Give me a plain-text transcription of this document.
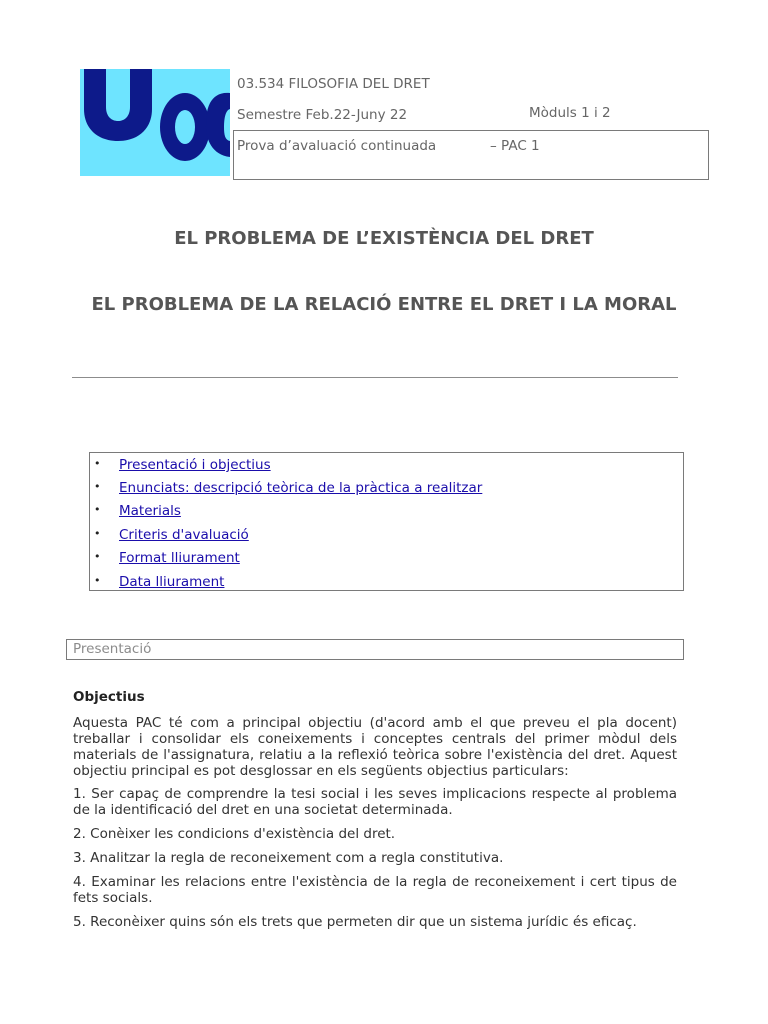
03.534 FILOSOFIA DEL DRET
Semestre Feb.22-Juny 22	Mòduls 1 i 2
Prova d’avaluació continuada	– PAC 1
EL PROBLEMA DE L’EXISTÈNCIA DEL DRET
EL PROBLEMA DE LA RELACIÓ ENTRE EL DRET I LA MORAL
• Presentació i objectius
• Enunciats: descripció teòrica de la pràctica a realitzar
• Materials
• Criteris d'avaluació
• Format lliurament
• Data lliurament
Presentació
Objectius
Aquesta PAC té com a principal objectiu (d'acord amb el que preveu el pla docent) treballar i consolidar els coneixements i conceptes centrals del primer mòdul dels materials de l'assignatura, relatiu a la reflexió teòrica sobre l'existència del dret. Aquest objectiu principal es pot desglossar en els següents objectius particulars:
1. Ser capaç de comprendre la tesi social i les seves implicacions respecte al problema de la identificació del dret en una societat determinada.
2. Conèixer les condicions d'existència del dret.
3. Analitzar la regla de reconeixement com a regla constitutiva.
4. Examinar les relacions entre l'existència de la regla de reconeixement i cert tipus de fets socials.
5. Reconèixer quins són els trets que permeten dir que un sistema jurídic és eficaç.
